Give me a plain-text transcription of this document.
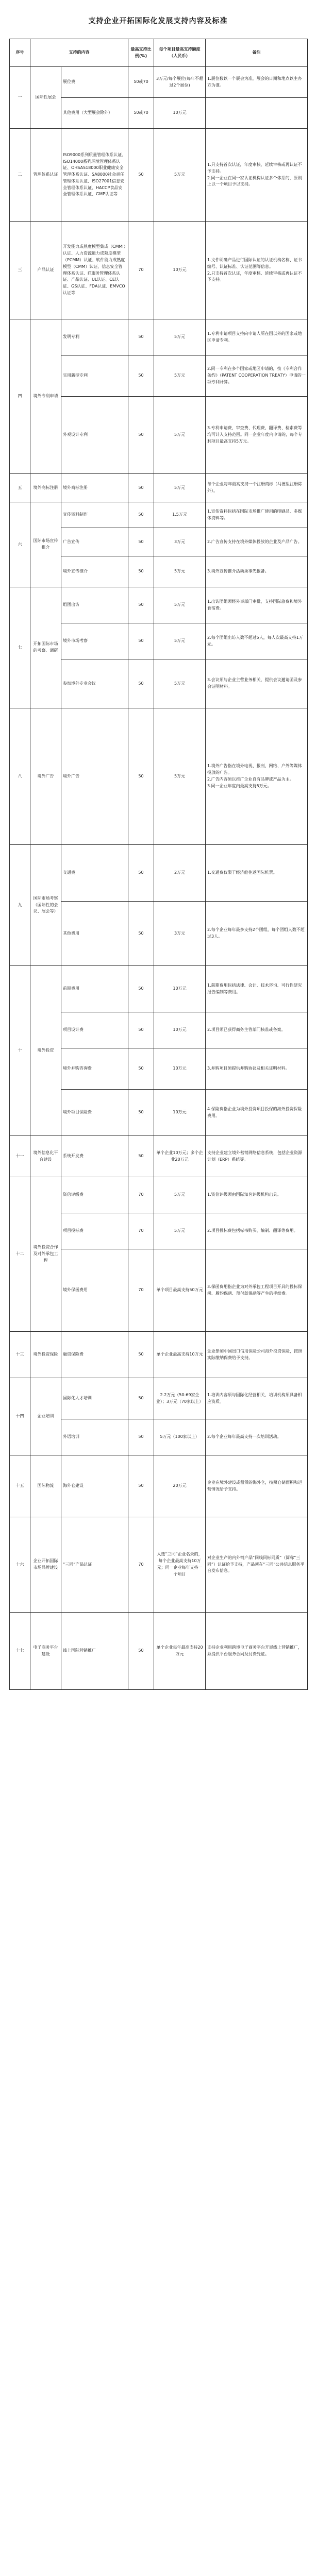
支持企业开拓国际化发展支持内容及标准
序号	支持的内容		最高支持比例(%)	每个项目最高支持额度（人民币）	备注
一	国际性展会	展位费	50或70	3万元/每个展位(每年不超过2个展位)	1.展位数以一个展会为准，展会的日期和地点以主办方为准。
		其他费用（大型展会除外）	50或70	10万元	
二	管理体系认证	ISO9000系列质量管理体系认证、ISO14000系列环境管理体系认证、OHSAS18000职业健康安全管理体系认证、SA8000社会责任管理体系认证、ISO27001信息安全管理体系认证、HACCP食品安全管理体系认证、GMP认证等	50	5万元	1.只支持首次认证，年度审核、延续审核或再认证不予支持。
2.同一企业在同一家认证机构认证多个体系的，原则上以一个项目予以支持。
三	产品认证	开发能力成熟度模型集成（CMMI）认证、人力资源能力成熟度模型（PCMM）认证、软件能力成熟度模型（CMM）认证、信息安全管理体系认证、IT服务管理体系认证、产品认证、UL认证、CE认证、GS认证、FDA认证、EMVCO认证等	70	10万元	1.文件明确产品进行国际认证的认证机构名称、证书编号、认证标准、认证范围等信息。
2.只支持首次认证，年度审核、延续审核或再认证不予支持。
四	境外专利申请	发明专利	50	5万元	1.专利申请项目支持向申请人所在国以外的国家或地区申请专利。
		实用新型专利	50	5万元	2.同一专利在多个国家或地区申请的，按《专利合作条约》（PATENT COOPERATION TREATY）申请的一项专利计算。
		外观设计专利	50	5万元	3.专利申请费、审查费、代理费、翻译费、检索费等均可计入支持范围。同一企业年度内申请的，每个专利项目最高支持5万元。
五	境外商标注册	境外商标注册	50	5万元	每个企业每年最高支持一个注册商标（马德里注册除外）。
六	国际市场宣传推介	宣传资料制作	50	1.5万元	1.宣传资料包括在国际市场推广使用的印刷品、多媒体资料等。
		广告宣传	50	3万元	2.广告宣传支持在境外媒体投放的企业及产品广告。
		境外宣传推介	50	5万元	3.境外宣传推介活动须事先报备。
七	开拓国际市场的考察、调研	组团出访	50	5万元	1.出访团组须经外事部门审批，支持国际旅费和境外食宿费。
		境外市场考察	50	5万元	2.每个团组出访人数不超过5人，每人次最高支持1万元。
		参加境外专业会议	50	5万元	3.会议须与企业主营业务相关，提供会议邀请函及参会证明材料。
八	境外广告	境外广告	50	5万元	1.境外广告指在境外电视、报刊、网络、户外等媒体投放的广告。
2.广告内容须以推广企业自有品牌或产品为主。
3.同一企业年度内最高支持5万元。
九	国际市场考察（国际性的会议、展会等）	交通费	50	2万元	1.交通费仅限于经济舱往返国际机票。
		其他费用	50	3万元	2.每个企业每年最多支持2个团组，每个团组人数不超过3人。
十	境外投资	前期费用	50	10万元	1.前期费用包括法律、会计、技术咨询、可行性研究报告编制等费用。
		项目设计费	50	10万元	2.项目须已获得商务主管部门核准或备案。
		境外并购咨询费	50	10万元	3.并购项目须提供并购协议及相关证明材料。
		境外项目保险费	50	10万元	4.保险费指企业为境外投资项目投保的海外投资保险费用。
十一	境外信息化平台建设	系统开发费	50	单个企业10万元；多个企业20万元	支持企业建立境外营销网络信息系统，包括企业资源计划（ERP）系统等。
十二	境外投资合作及对外承包工程	资信评级费	70	5万元	1.资信评级须由国际知名评级机构出具。
		项目投标费	70	5万元	2.项目投标费包括标书购买、编制、翻译等费用。
		境外保函费用	70	单个项目最高支持50万元	3.保函费用指企业为对外承包工程项目开具的投标保函、履约保函、预付款保函等产生的手续费。
十三	境外投资保险	融资保险费	50	单个企业最高支持10万元	企业参加中国出口信用保险公司海外投资保险，按照实际缴纳保费给予支持。
十四	企业培训	国际化人才培训	50	2.2万元（50-69家企业）；3万元（70家以上）	1.培训内容须与国际化经营相关，培训机构须具备相应资质。
		外语培训	50	5万元（100家以上）	2.每个企业每年最高支持一次培训活动。
十五	国际物流	海外仓建设	50	20万元	企业在境外建设或租赁的海外仓，按照仓储面积和运营情况给予支持。
十六	企业开拓国际市场品牌建设	“三同”产品认证	70	入选“三同”企业名录的，每个企业最高支持10万元；同一企业每年支持一个项目	对企业生产的内外销产品“同线同标同质”（简称“三同”）认证给予支持，产品须在“三同”公共信息服务平台发布信息。
十七	电子商务平台建设	线上国际营销推广	50	单个企业每年最高支持20万元	支持企业利用跨境电子商务平台开展线上营销推广，须提供平台服务合同及付费凭证。
